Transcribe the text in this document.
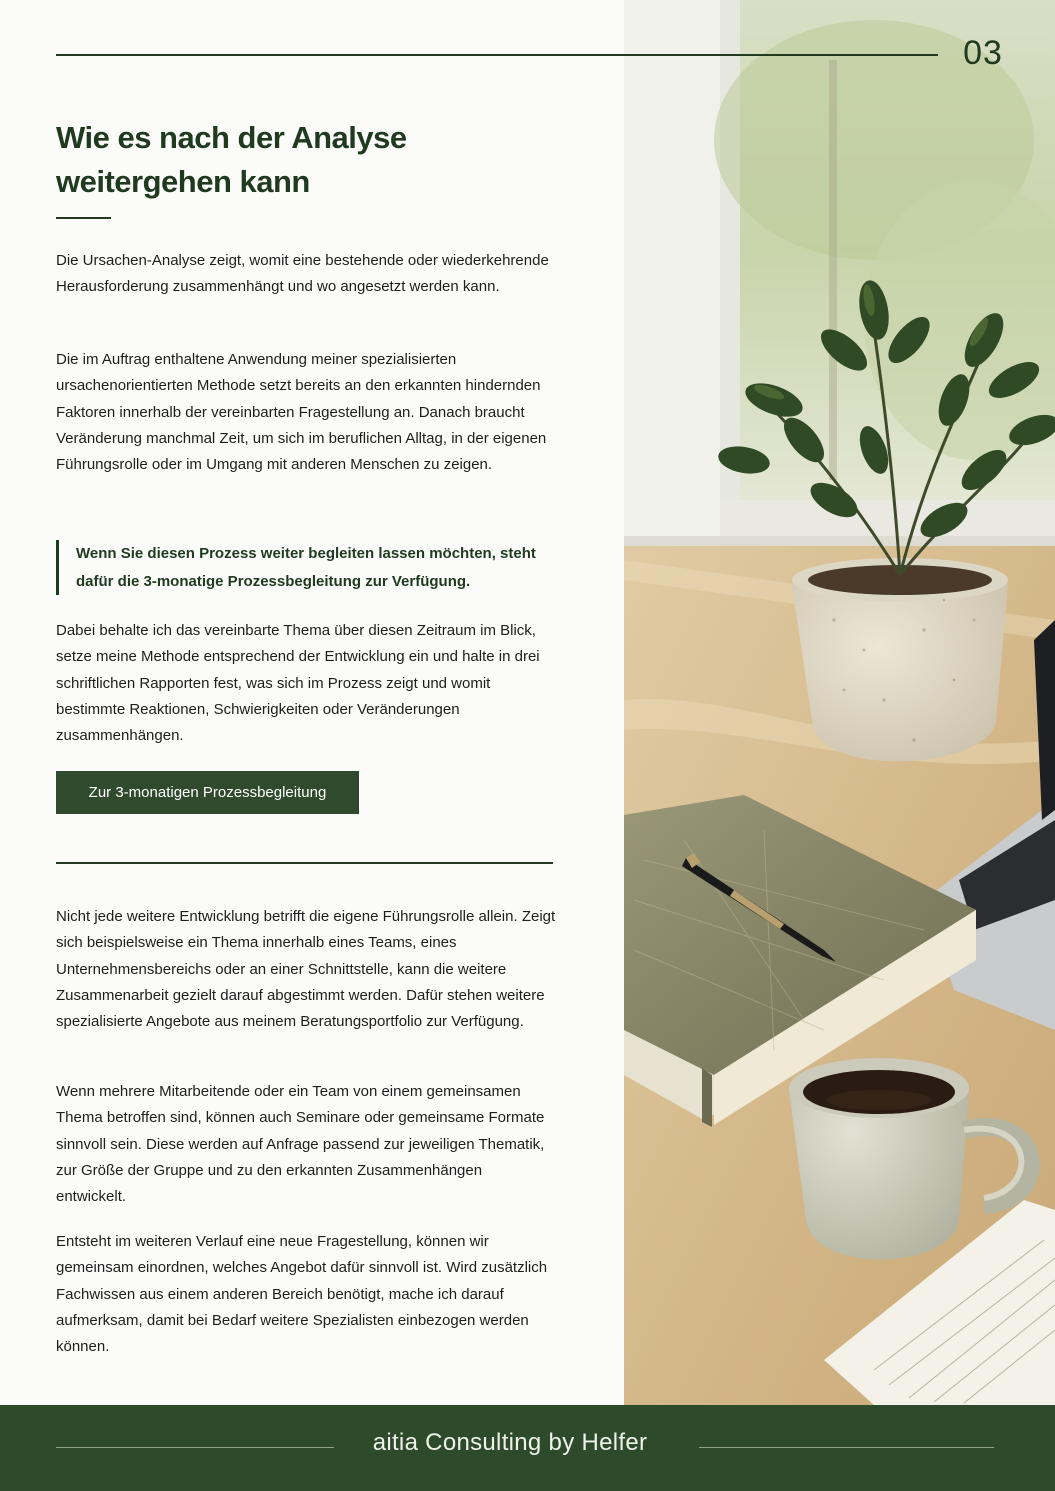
03
Wie es nach der Analyse
weitergehen kann

Die Ursachen-Analyse zeigt, womit eine bestehende oder wiederkehrende Herausforderung zusammenhängt und wo angesetzt werden kann.

Die im Auftrag enthaltene Anwendung meiner spezialisierten ursachenorientierten Methode setzt bereits an den erkannten hindernden Faktoren innerhalb der vereinbarten Fragestellung an. Danach braucht Veränderung manchmal Zeit, um sich im beruflichen Alltag, in der eigenen Führungsrolle oder im Umgang mit anderen Menschen zu zeigen.

Wenn Sie diesen Prozess weiter begleiten lassen möchten, steht dafür die 3-monatige Prozessbegleitung zur Verfügung.

Dabei behalte ich das vereinbarte Thema über diesen Zeitraum im Blick, setze meine Methode entsprechend der Entwicklung ein und halte in drei schriftlichen Rapporten fest, was sich im Prozess zeigt und womit bestimmte Reaktionen, Schwierigkeiten oder Veränderungen zusammenhängen.

Zur 3-monatigen Prozessbegleitung

Nicht jede weitere Entwicklung betrifft die eigene Führungsrolle allein. Zeigt sich beispielsweise ein Thema innerhalb eines Teams, eines Unternehmensbereichs oder an einer Schnittstelle, kann die weitere Zusammenarbeit gezielt darauf abgestimmt werden. Dafür stehen weitere spezialisierte Angebote aus meinem Beratungsportfolio zur Verfügung.

Wenn mehrere Mitarbeitende oder ein Team von einem gemeinsamen Thema betroffen sind, können auch Seminare oder gemeinsame Formate sinnvoll sein. Diese werden auf Anfrage passend zur jeweiligen Thematik, zur Größe der Gruppe und zu den erkannten Zusammenhängen entwickelt.

Entsteht im weiteren Verlauf eine neue Fragestellung, können wir gemeinsam einordnen, welches Angebot dafür sinnvoll ist. Wird zusätzlich Fachwissen aus einem anderen Bereich benötigt, mache ich darauf aufmerksam, damit bei Bedarf weitere Spezialisten einbezogen werden können.

aitia Consulting by Helfer
